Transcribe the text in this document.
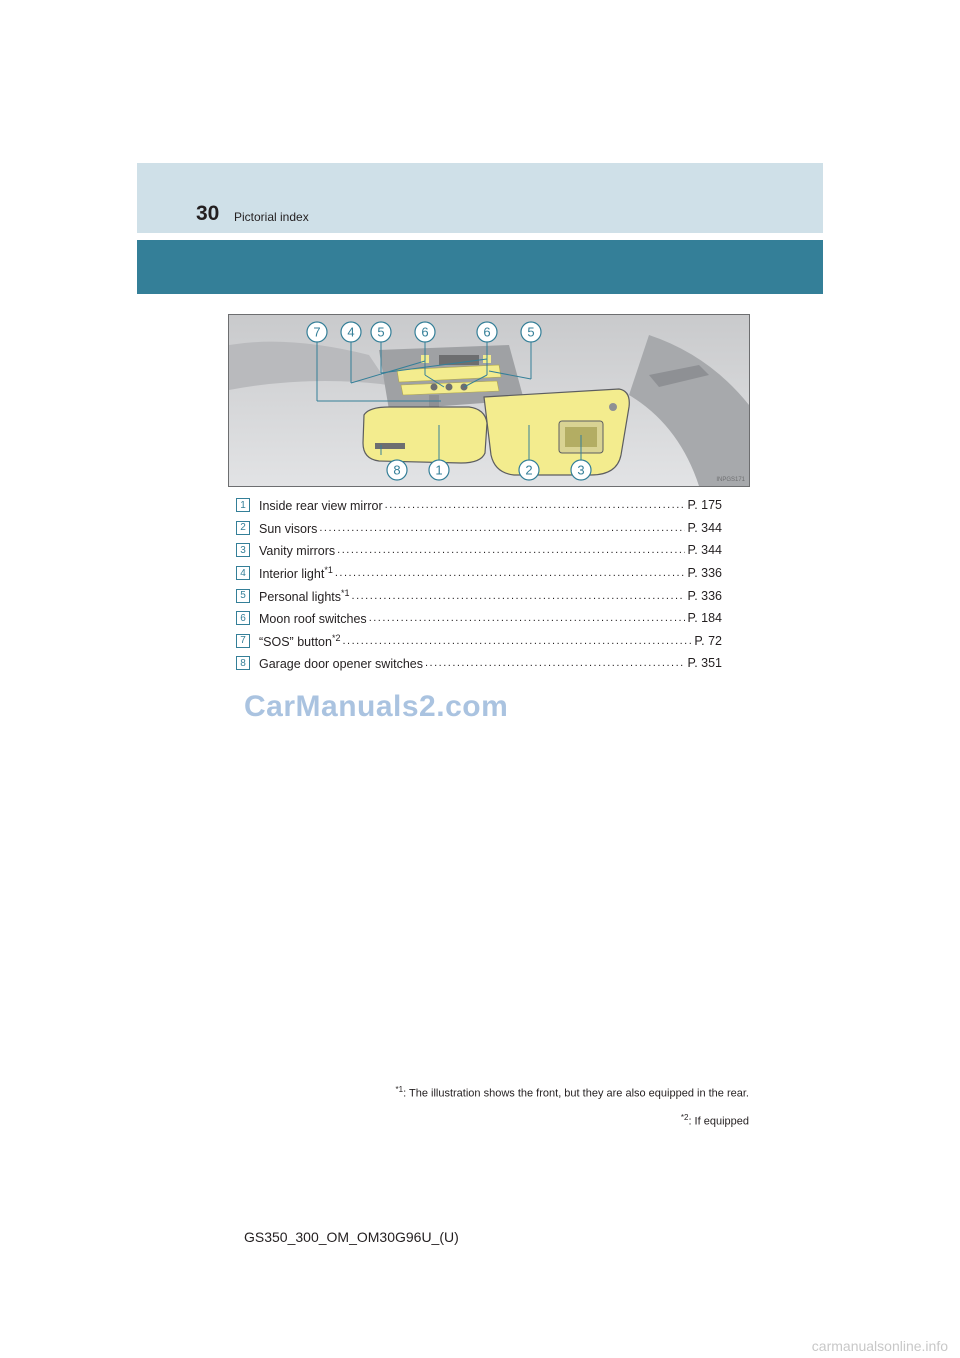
30 Pictorial index
7 4 5	6	6	5
8	1	2	3
INPGS171
1	Inside rear view mirror .....	P. 175
2	Sun visors .....	P. 344
3	Vanity mirrors .....	P. 344
4	Interior light$^{*1}$ .....	P. 336
5	Personal lights$^{*1}$ .....	P. 336
6	Moon roof switches .....	P. 184
7	“SOS” button$^{*2}$ .....	P. 72
8	Garage door opener switches .....	P. 351
CarManuals2.com
$^{*1}$: The illustration shows the front, but they are also equipped in the rear.
$^{*2}$: If equipped
GS350_300_OM_OM30G96U_(U)
carmanualsonline.info
